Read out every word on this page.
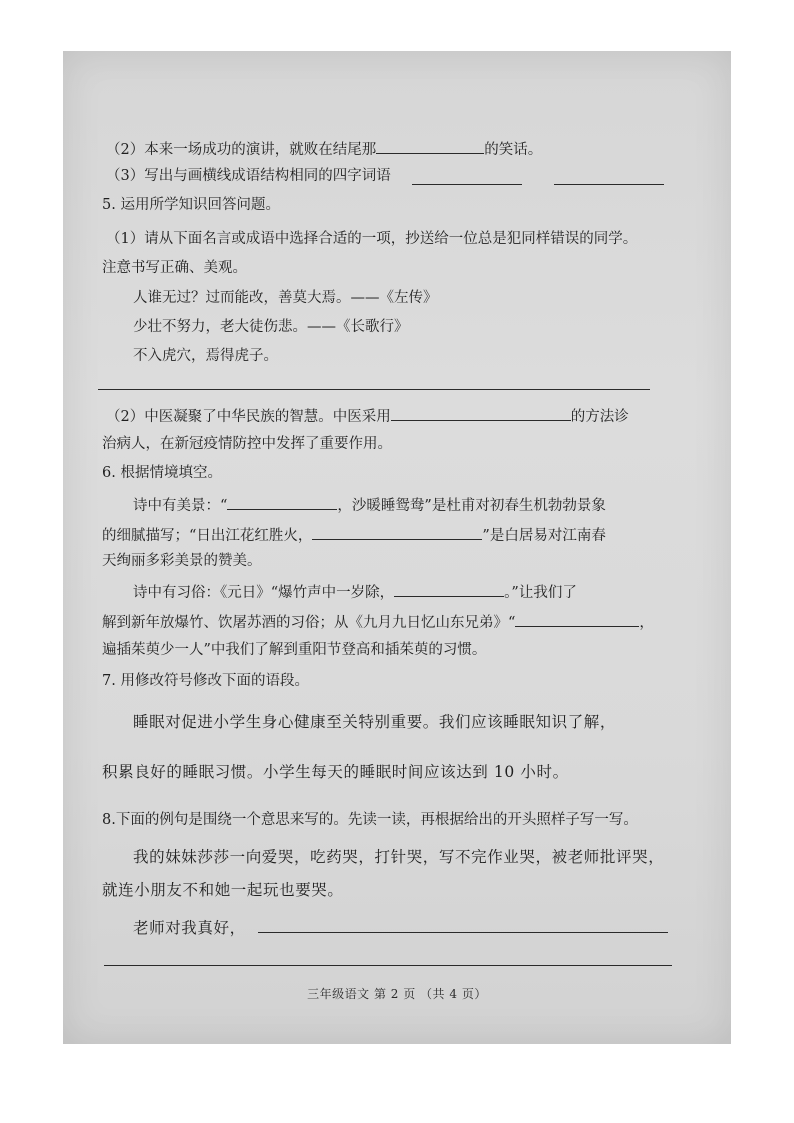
（2）本来一场成功的演讲，就败在结尾那	的笑话。
（3）写出与画横线成语结构相同的四字词语
5. 运用所学知识回答问题。
（1）请从下面名言或成语中选择合适的一项，抄送给一位总是犯同样错误的同学。
注意书写正确、美观。
人谁无过？过而能改，善莫大焉。——《左传》
少壮不努力，老大徒伤悲。——《长歌行》
不入虎穴，焉得虎子。
（2）中医凝聚了中华民族的智慧。中医采用	的方法诊
治病人，在新冠疫情防控中发挥了重要作用。
6. 根据情境填空。
诗中有美景：“	，沙暖睡鸳鸯”是杜甫对初春生机勃勃景象
的细腻描写；“日出江花红胜火，	”是白居易对江南春
天绚丽多彩美景的赞美。
诗中有习俗：《元日》“爆竹声中一岁除，	。”让我们了
解到新年放爆竹、饮屠苏酒的习俗；从《九月九日忆山东兄弟》“	，
遍插茱萸少一人”中我们了解到重阳节登高和插茱萸的习惯。
7. 用修改符号修改下面的语段。
睡眠对促进小学生身心健康至关特别重要。我们应该睡眠知识了解，
积累良好的睡眠习惯。小学生每天的睡眠时间应该达到 10 小时。
8.下面的例句是围绕一个意思来写的。先读一读，再根据给出的开头照样子写一写。
我的妹妹莎莎一向爱哭，吃药哭，打针哭，写不完作业哭，被老师批评哭，
就连小朋友不和她一起玩也要哭。
老师对我真好，
三年级语文 第 2 页 （共 4 页）
